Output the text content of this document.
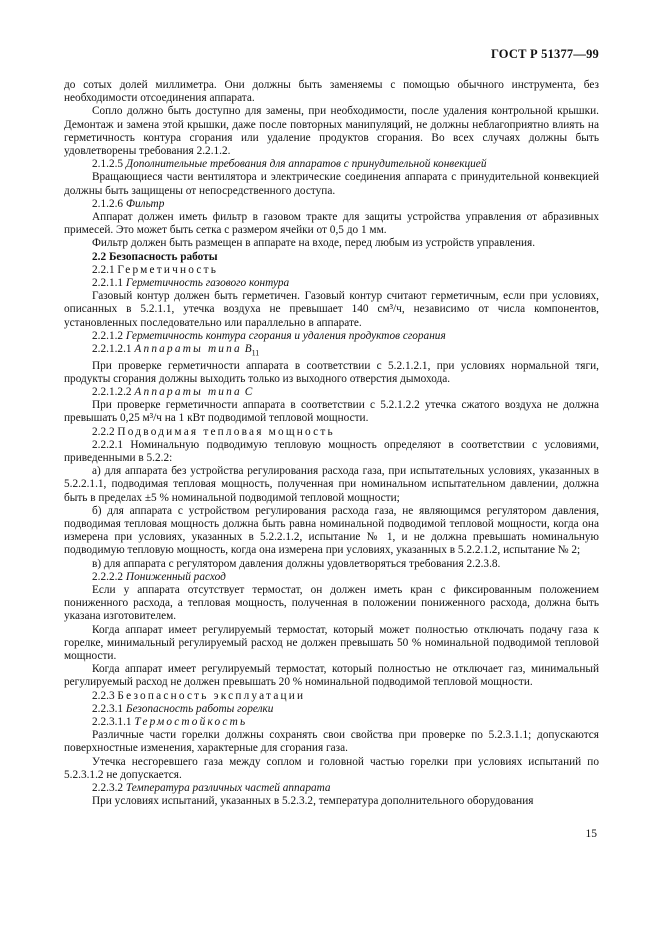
ГОСТ Р 51377—99

до сотых долей миллиметра. Они должны быть заменяемы с помощью обычного инструмента, без необходимости отсоединения аппарата.

Сопло должно быть доступно для замены, при необходимости, после удаления контрольной крышки. Демонтаж и замена этой крышки, даже после повторных манипуляций, не должны неблагоприятно влиять на герметичность контура сгорания или удаление продуктов сгорания. Во всех случаях должны быть удовлетворены требования 2.2.1.2.

2.1.2.5 Дополнительные требования для аппаратов с принудительной конвекцией

Вращающиеся части вентилятора и электрические соединения аппарата с принудительной конвекцией должны быть защищены от непосредственного доступа.

2.1.2.6 Фильтр

Аппарат должен иметь фильтр в газовом тракте для защиты устройства управления от абразивных примесей. Это может быть сетка с размером ячейки от 0,5 до 1 мм.

Фильтр должен быть размещен в аппарате на входе, перед любым из устройств управления.

2.2 Безопасность работы

2.2.1 Герметичность

2.2.1.1 Герметичность газового контура

Газовый контур должен быть герметичен. Газовый контур считают герметичным, если при условиях, описанных в 5.2.1.1, утечка воздуха не превышает 140 см³/ч, независимо от числа компонентов, установленных последовательно или параллельно в аппарате.

2.2.1.2 Герметичность контура сгорания и удаления продуктов сгорания

2.2.1.2.1 Аппараты типа $B_{11}$

При проверке герметичности аппарата в соответствии с 5.2.1.2.1, при условиях нормальной тяги, продукты сгорания должны выходить только из выходного отверстия дымохода.

2.2.1.2.2 Аппараты типа C

При проверке герметичности аппарата в соответствии с 5.2.1.2.2 утечка сжатого воздуха не должна превышать 0,25 м³/ч на 1 кВт подводимой тепловой мощности.

2.2.2 Подводимая тепловая мощность

2.2.2.1 Номинальную подводимую тепловую мощность определяют в соответствии с условиями, приведенными в 5.2.2:

а) для аппарата без устройства регулирования расхода газа, при испытательных условиях, указанных в 5.2.2.1.1, подводимая тепловая мощность, полученная при номинальном испытательном давлении, должна быть в пределах ±5 % номинальной подводимой тепловой мощности;

б) для аппарата с устройством регулирования расхода газа, не являющимся регулятором давления, подводимая тепловая мощность должна быть равна номинальной подводимой тепловой мощности, когда она измерена при условиях, указанных в 5.2.2.1.2, испытание № 1, и не должна превышать номинальную подводимую тепловую мощность, когда она измерена при условиях, указанных в 5.2.2.1.2, испытание № 2;

в) для аппарата с регулятором давления должны удовлетворяться требования 2.2.3.8.

2.2.2.2 Пониженный расход

Если у аппарата отсутствует термостат, он должен иметь кран с фиксированным положением пониженного расхода, а тепловая мощность, полученная в положении пониженного расхода, должна быть указана изготовителем.

Когда аппарат имеет регулируемый термостат, который может полностью отключать подачу газа к горелке, минимальный регулируемый расход не должен превышать 50 % номинальной подводимой тепловой мощности.

Когда аппарат имеет регулируемый термостат, который полностью не отключает газ, минимальный регулируемый расход не должен превышать 20 % номинальной подводимой тепловой мощности.

2.2.3 Безопасность эксплуатации

2.2.3.1 Безопасность работы горелки

2.2.3.1.1 Термостойкость

Различные части горелки должны сохранять свои свойства при проверке по 5.2.3.1.1; допускаются поверхностные изменения, характерные для сгорания газа.

Утечка несгоревшего газа между соплом и головной частью горелки при условиях испытаний по 5.2.3.1.2 не допускается.

2.2.3.2 Температура различных частей аппарата

При условиях испытаний, указанных в 5.2.3.2, температура дополнительного оборудования

15
